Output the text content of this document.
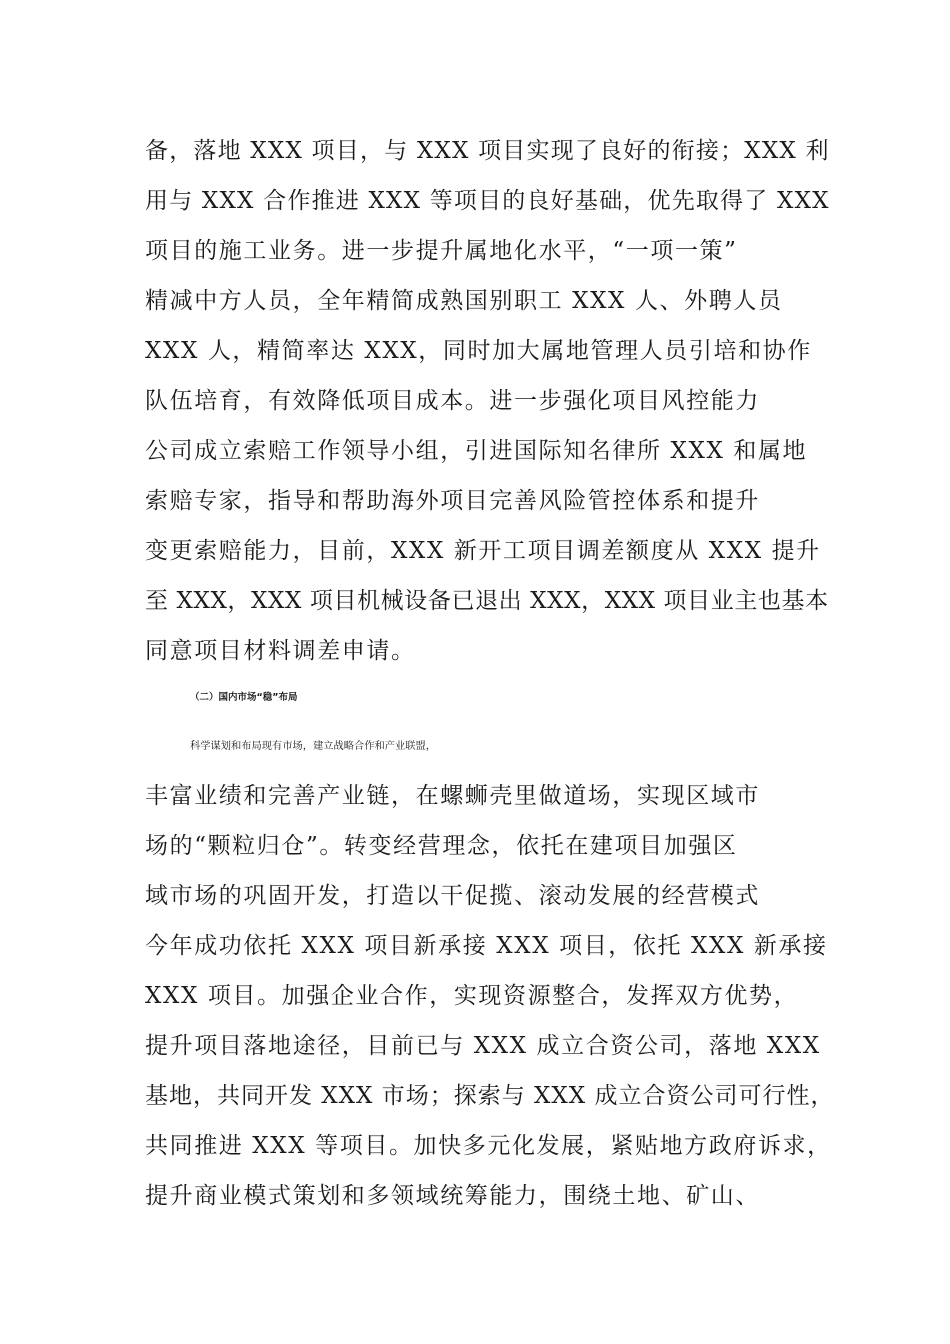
备，落地 XXX 项目，与 XXX 项目实现了良好的衔接；XXX 利
用与 XXX 合作推进 XXX 等项目的良好基础，优先取得了 XXX
项目的施工业务。进一步提升属地化水平，“一项一策”
精减中方人员，全年精简成熟国别职工 XXX 人、外聘人员
XXX 人，精简率达 XXX，同时加大属地管理人员引培和协作
队伍培育，有效降低项目成本。进一步强化项目风控能力
公司成立索赔工作领导小组，引进国际知名律所 XXX 和属地
索赔专家，指导和帮助海外项目完善风险管控体系和提升
变更索赔能力，目前，XXX 新开工项目调差额度从 XXX 提升
至 XXX，XXX 项目机械设备已退出 XXX，XXX 项目业主也基本
同意项目材料调差申请。
（二）国内市场“稳”布局
科学谋划和布局现有市场，建立战略合作和产业联盟，
丰富业绩和完善产业链，在螺蛳壳里做道场，实现区域市
场的“颗粒归仓”。转变经营理念，依托在建项目加强区
域市场的巩固开发，打造以干促揽、滚动发展的经营模式
今年成功依托 XXX 项目新承接 XXX 项目，依托 XXX 新承接
XXX 项目。加强企业合作，实现资源整合，发挥双方优势，
提升项目落地途径，目前已与 XXX 成立合资公司，落地 XXX
基地，共同开发 XXX 市场；探索与 XXX 成立合资公司可行性，
共同推进 XXX 等项目。加快多元化发展，紧贴地方政府诉求，
提升商业模式策划和多领域统筹能力，围绕土地、矿山、
